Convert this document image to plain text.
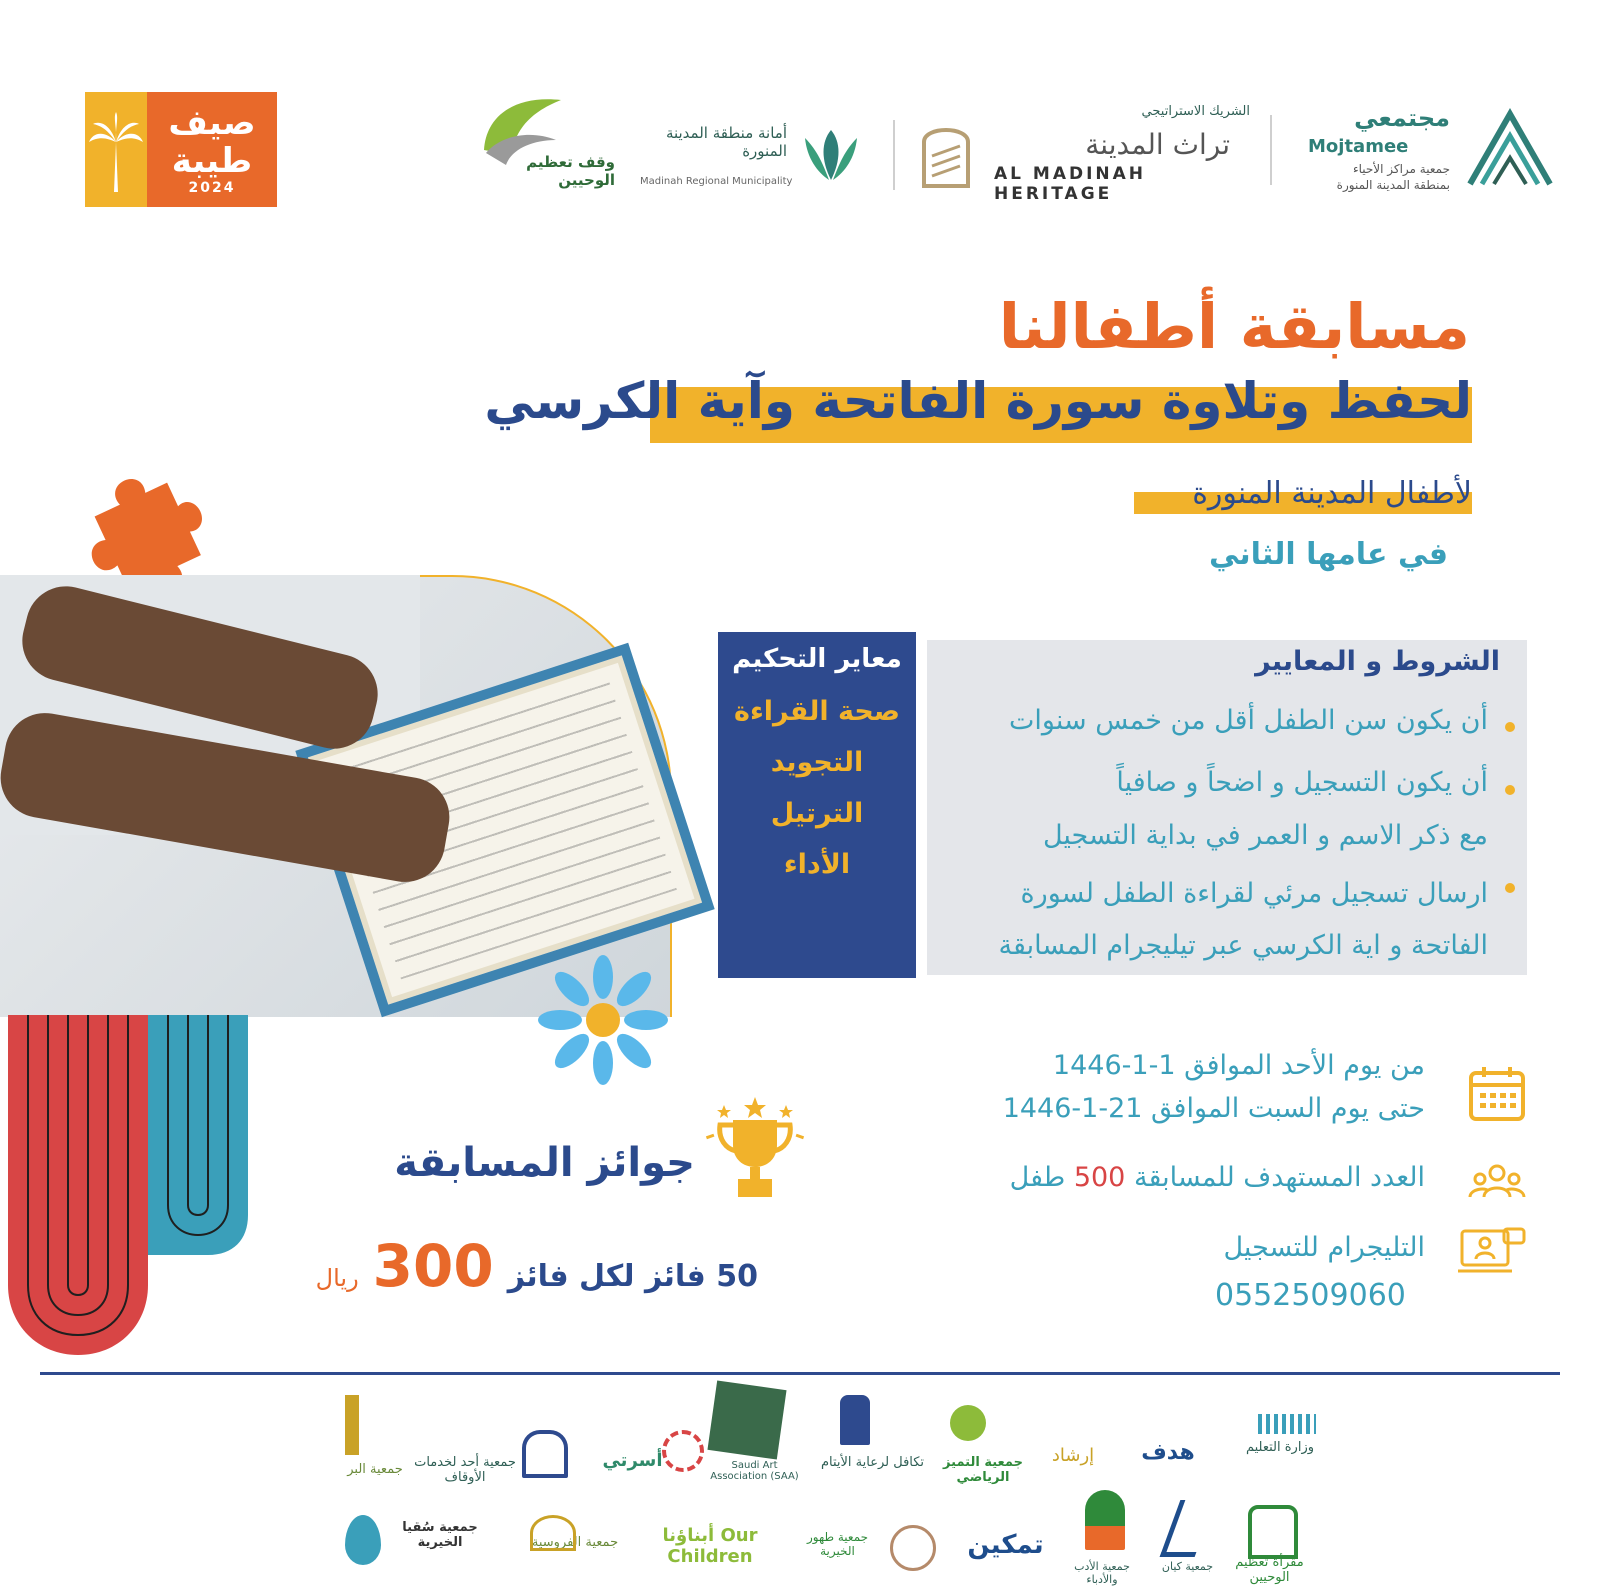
صيف
طيبة
2024
وقف تعظيم الوحيين
أمانة منطقة المدينة المنورة
Madinah Regional Municipality
الشريك الاستراتيجي
تراث المدينة
AL MADINAH HERITAGE
مجتمعي
Mojtamee
جمعية مراكز الأحياء
بمنطقة المدينة المنورة
مسابقة أطفالنا
لحفظ وتلاوة سورة الفاتحة وآية الكرسي
لأطفال المدينة المنورة
في عامها الثاني
معاير التحكيم
صحة القراءة
التجويد
الترتيل
الأداء
الشروط و المعايير
أن يكون سن الطفل أقل من خمس سنوات
أن يكون التسجيل و اضحاً و صافياً
مع ذكر الاسم و العمر في بداية التسجيل
ارسال تسجيل مرئي لقراءة الطفل لسورة
الفاتحة و اية الكرسي عبر تيليجرام المسابقة
من يوم الأحد الموافق 1-1-1446
حتى يوم السبت الموافق 21-1-1446
العدد المستهدف للمسابقة 500 طفل
التليجرام للتسجيل
0552509060
جوائز المسابقة
50 فائز لكل فائز
300
ريال
وزارة التعليم
هدف
إرشاد
جمعية التميز الرياضي
تكافل لرعاية الأيتام
Saudi Art Association (SAA)
أسرتي
جمعية أحد لخدمات الأوقاف
جمعية البر
مقرأة تعظيم الوحيين
جمعية كيان
جمعية الأدب والأدباء
تمكين
جمعية طهور الخيرية
أبناؤنا Our Children
جمعية الفروسية
جمعية سُقيا الخيرية
